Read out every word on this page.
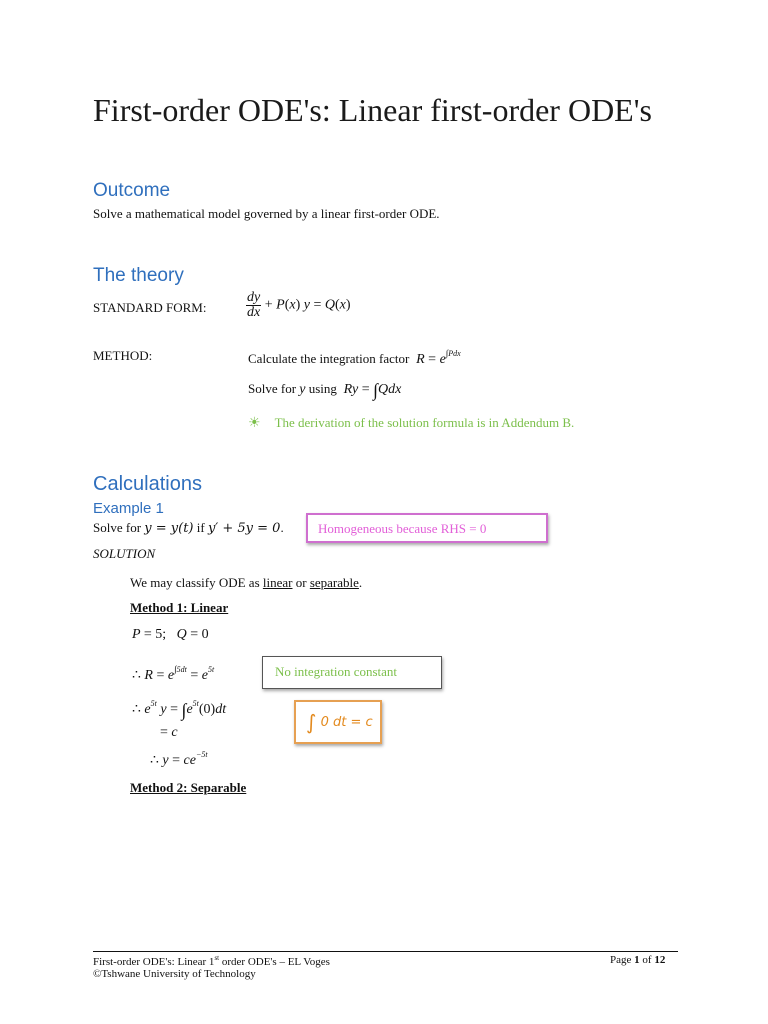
First-order ODE's: Linear first-order ODE's
Outcome
Solve a mathematical model governed by a linear first-order ODE.
The theory
STANDARD FORM:	$\frac{dy}{dx} + P(x) y = Q(x)$
METHOD:	Calculate the integration factor  $R = e^{\int Pdx}$
Solve for y using  Ry = ∫Qdx
☀ The derivation of the solution formula is in Addendum B.
Calculations
Example 1
Solve for y = y(t) if y′ + 5y = 0.	Homogeneous because RHS = 0
SOLUTION
We may classify ODE as linear or separable.
Method 1: Linear
P = 5;   Q = 0
∴ $R = e^{\int 5dt} = e^{5t}$	No integration constant
∴ $e^{5t}$ $y = \int e^{5t}(0)dt$
= c
∴ $y = ce^{-5t}$
∫ 0 dt = c
Method 2: Separable
First-order ODE's: Linear 1st order ODE's – EL Voges
©Tshwane University of Technology
Page 1 of 12
